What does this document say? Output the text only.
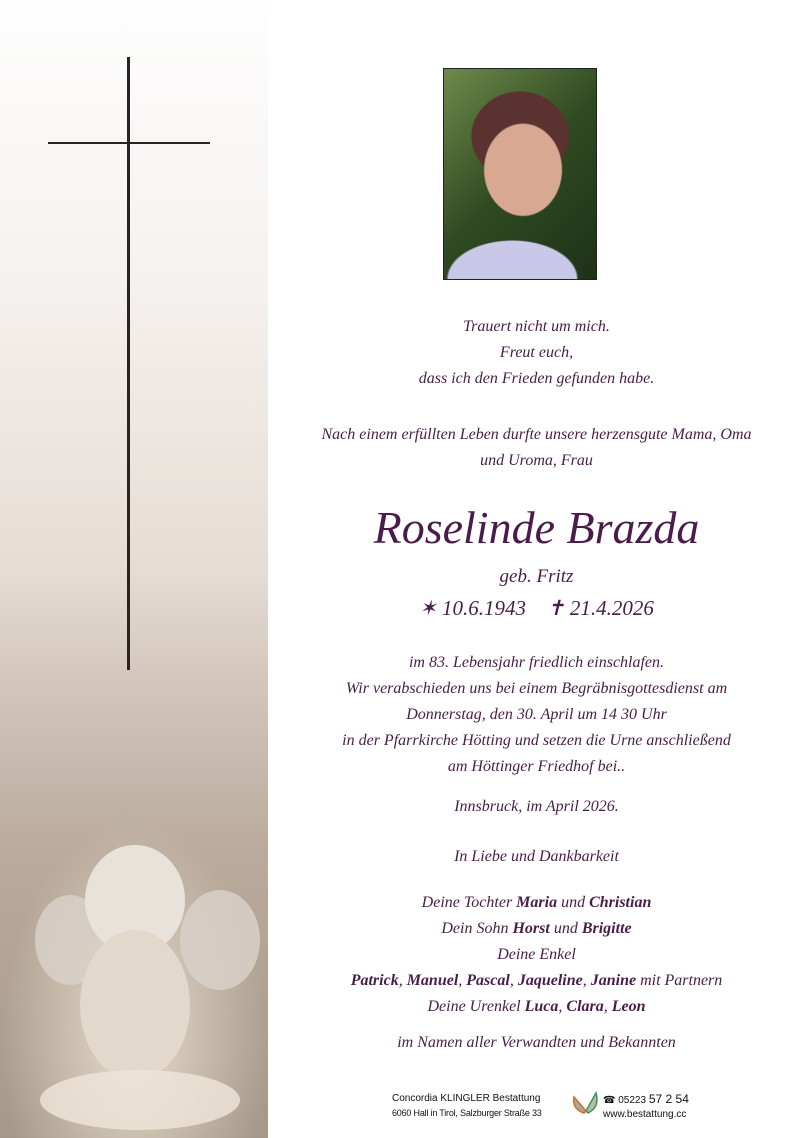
Trauert nicht um mich.
Freut euch,
dass ich den Frieden gefunden habe.
Nach einem erfüllten Leben durfte unsere herzensgute Mama, Oma
und Uroma, Frau
Roselinde Brazda
geb. Fritz
✶ 10.6.1943 ✝ 21.4.2026
im 83. Lebensjahr friedlich einschlafen.
Wir verabschieden uns bei einem Begräbnisgottesdienst am
Donnerstag, den 30. April um 14 30 Uhr
in der Pfarrkirche Hötting und setzen die Urne anschließend
am Höttinger Friedhof bei..
Innsbruck, im April 2026.
In Liebe und Dankbarkeit
Deine Tochter Maria und Christian
Dein Sohn Horst und Brigitte
Deine Enkel
Patrick, Manuel, Pascal, Jaqueline, Janine mit Partnern
Deine Urenkel Luca, Clara, Leon
im Namen aller Verwandten und Bekannten
Concordia KLINGLER Bestattung
6060 Hall in Tirol, Salzburger Straße 33
☎ 05223 57 2 54
www.bestattung.cc
